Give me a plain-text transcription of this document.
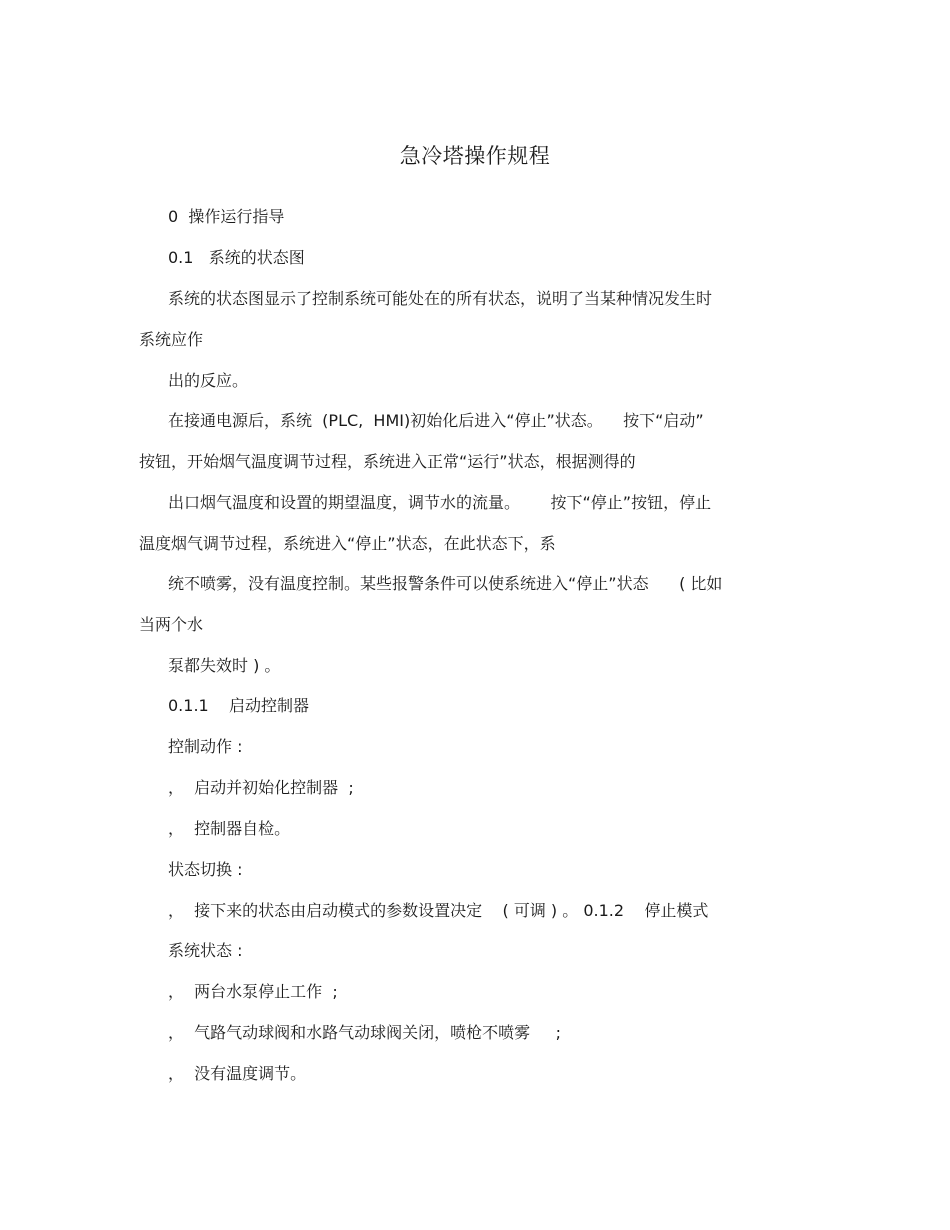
急冷塔操作规程
0  操作运行指导
0.1   系统的状态图
系统的状态图显示了控制系统可能处在的所有状态，说明了当某种情况发生时
系统应作
出的反应。
在接通电源后，系统  (PLC,  HMI)初始化后进入“停止”状态。    按下“启动”
按钮，开始烟气温度调节过程，系统进入正常“运行”状态，根据测得的
出口烟气温度和设置的期望温度，调节水的流量。      按下“停止”按钮，停止
温度烟气调节过程，系统进入“停止”状态，在此状态下，系
统不喷雾，没有温度控制。某些报警条件可以使系统进入“停止”状态      ( 比如
当两个水
泵都失效时 ) 。
0.1.1    启动控制器
控制动作 :
，  启动并初始化控制器  ;
，  控制器自检。
状态切换 :
，  接下来的状态由启动模式的参数设置决定    ( 可调 ) 。 0.1.2    停止模式
系统状态 :
，  两台水泵停止工作  ;
，  气路气动球阀和水路气动球阀关闭，喷枪不喷雾     ;
，  没有温度调节。
